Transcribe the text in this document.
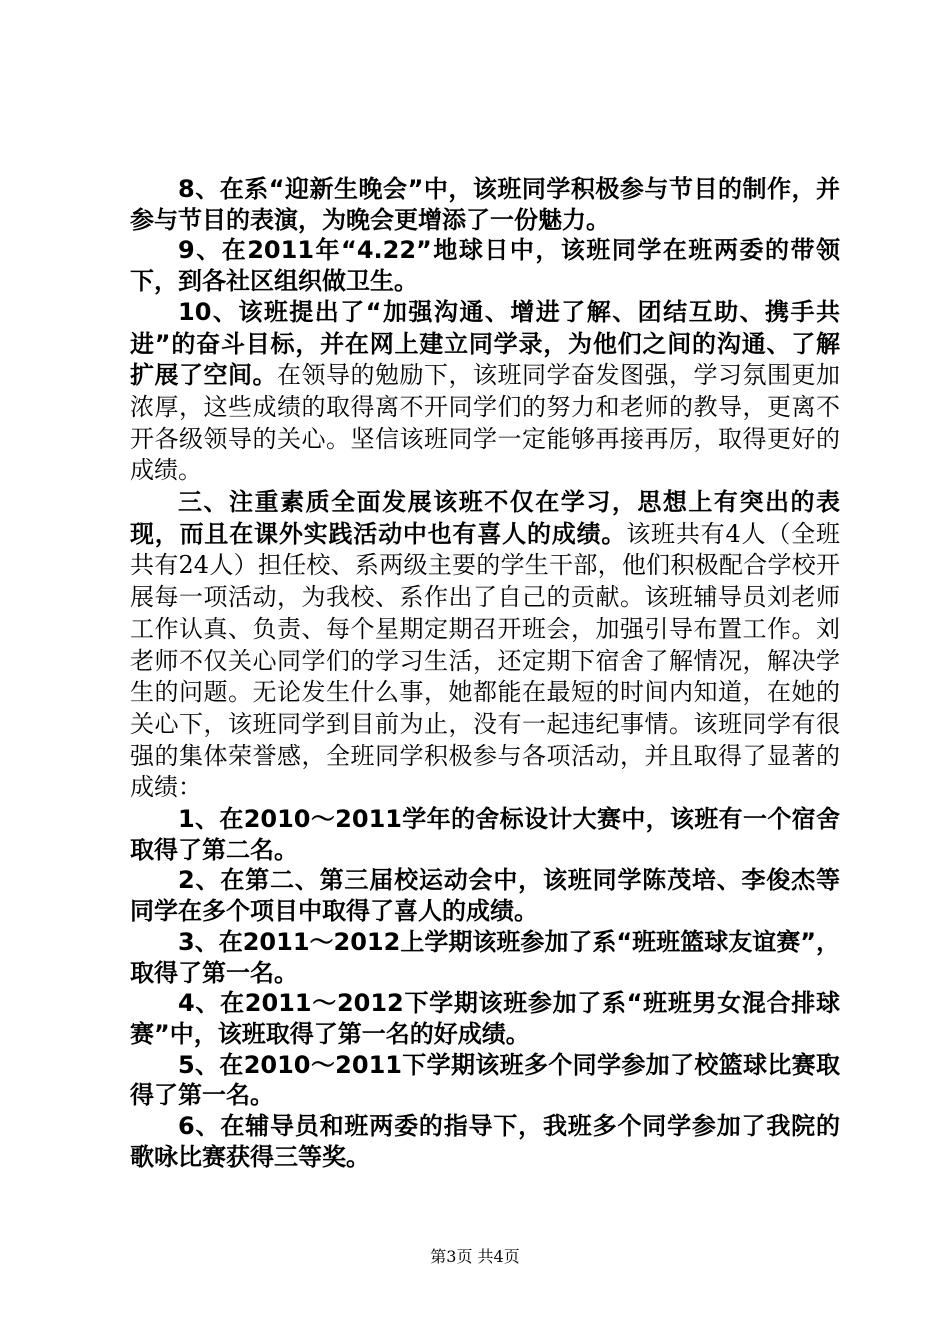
8、在系“迎新生晚会”中，该班同学积极参与节目的制作，并参与节目的表演，为晚会更增添了一份魅力。

9、在2011年“4.22”地球日中，该班同学在班两委的带领下，到各社区组织做卫生。

10、该班提出了“加强沟通、增进了解、团结互助、携手共进”的奋斗目标，并在网上建立同学录，为他们之间的沟通、了解扩展了空间。在领导的勉励下，该班同学奋发图强，学习氛围更加浓厚，这些成绩的取得离不开同学们的努力和老师的教导，更离不开各级领导的关心。坚信该班同学一定能够再接再厉，取得更好的成绩。

三、注重素质全面发展该班不仅在学习，思想上有突出的表现，而且在课外实践活动中也有喜人的成绩。该班共有4人（全班共有24人）担任校、系两级主要的学生干部，他们积极配合学校开展每一项活动，为我校、系作出了自己的贡献。该班辅导员刘老师工作认真、负责、每个星期定期召开班会，加强引导布置工作。刘老师不仅关心同学们的学习生活，还定期下宿舍了解情况，解决学生的问题。无论发生什么事，她都能在最短的时间内知道，在她的关心下，该班同学到目前为止，没有一起违纪事情。该班同学有很强的集体荣誉感，全班同学积极参与各项活动，并且取得了显著的成绩：

1、在2010～2011学年的舍标设计大赛中，该班有一个宿舍取得了第二名。

2、在第二、第三届校运动会中，该班同学陈茂培、李俊杰等同学在多个项目中取得了喜人的成绩。

3、在2011～2012上学期该班参加了系“班班篮球友谊赛”，取得了第一名。

4、在2011～2012下学期该班参加了系“班班男女混合排球赛”中，该班取得了第一名的好成绩。

5、在2010～2011下学期该班多个同学参加了校篮球比赛取得了第一名。

6、在辅导员和班两委的指导下，我班多个同学参加了我院的歌咏比赛获得三等奖。

第3页 共4页
